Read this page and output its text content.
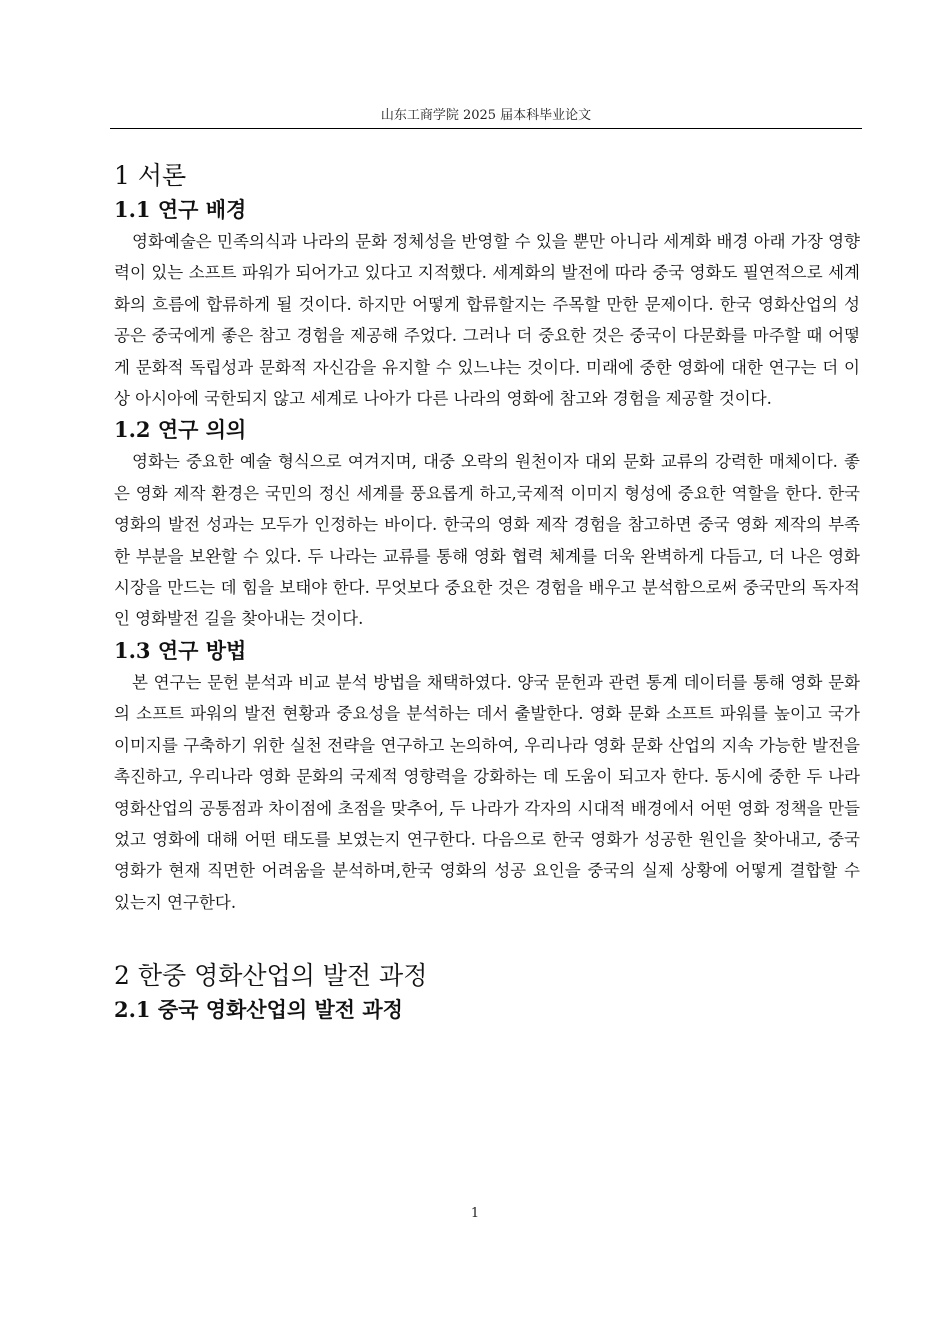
山东工商学院 2025 届本科毕业论文
1 서론
1.1 연구 배경

영화예술은 민족의식과 나라의 문화 정체성을 반영할 수 있을 뿐만 아니라 세계화 배경 아래 가장 영향력이 있는 소프트 파워가 되어가고 있다고 지적했다. 세계화의 발전에 따라 중국 영화도 필연적으로 세계화의 흐름에 합류하게 될 것이다. 하지만 어떻게 합류할지는 주목할 만한 문제이다. 한국 영화산업의 성공은 중국에게 좋은 참고 경험을 제공해 주었다. 그러나 더 중요한 것은 중국이 다문화를 마주할 때 어떻게 문화적 독립성과 문화적 자신감을 유지할 수 있느냐는 것이다. 미래에 중한 영화에 대한 연구는 더 이상 아시아에 국한되지 않고 세계로 나아가 다른 나라의 영화에 참고와 경험을 제공할 것이다.

1.2 연구 의의

영화는 중요한 예술 형식으로 여겨지며, 대중 오락의 원천이자 대외 문화 교류의 강력한 매체이다. 좋은 영화 제작 환경은 국민의 정신 세계를 풍요롭게 하고,국제적 이미지 형성에 중요한 역할을 한다. 한국 영화의 발전 성과는 모두가 인정하는 바이다. 한국의 영화 제작 경험을 참고하면 중국 영화 제작의 부족한 부분을 보완할 수 있다. 두 나라는 교류를 통해 영화 협력 체계를 더욱 완벽하게 다듬고, 더 나은 영화 시장을 만드는 데 힘을 보태야 한다. 무엇보다 중요한 것은 경험을 배우고 분석함으로써 중국만의 독자적인 영화발전 길을 찾아내는 것이다.

1.3 연구 방법

본 연구는 문헌 분석과 비교 분석 방법을 채택하였다. 양국 문헌과 관련 통계 데이터를 통해 영화 문화의 소프트 파워의 발전 현황과 중요성을 분석하는 데서 출발한다. 영화 문화 소프트 파워를 높이고 국가 이미지를 구축하기 위한 실천 전략을 연구하고 논의하여, 우리나라 영화 문화 산업의 지속 가능한 발전을 촉진하고, 우리나라 영화 문화의 국제적 영향력을 강화하는 데 도움이 되고자 한다. 동시에 중한 두 나라 영화산업의 공통점과 차이점에 초점을 맞추어, 두 나라가 각자의 시대적 배경에서 어떤 영화 정책을 만들었고 영화에 대해 어떤 태도를 보였는지 연구한다. 다음으로 한국 영화가 성공한 원인을 찾아내고, 중국 영화가 현재 직면한 어려움을 분석하며,한국 영화의 성공 요인을 중국의 실제 상황에 어떻게 결합할 수 있는지 연구한다.

2 한중 영화산업의 발전 과정
2.1 중국 영화산업의 발전 과정
1
